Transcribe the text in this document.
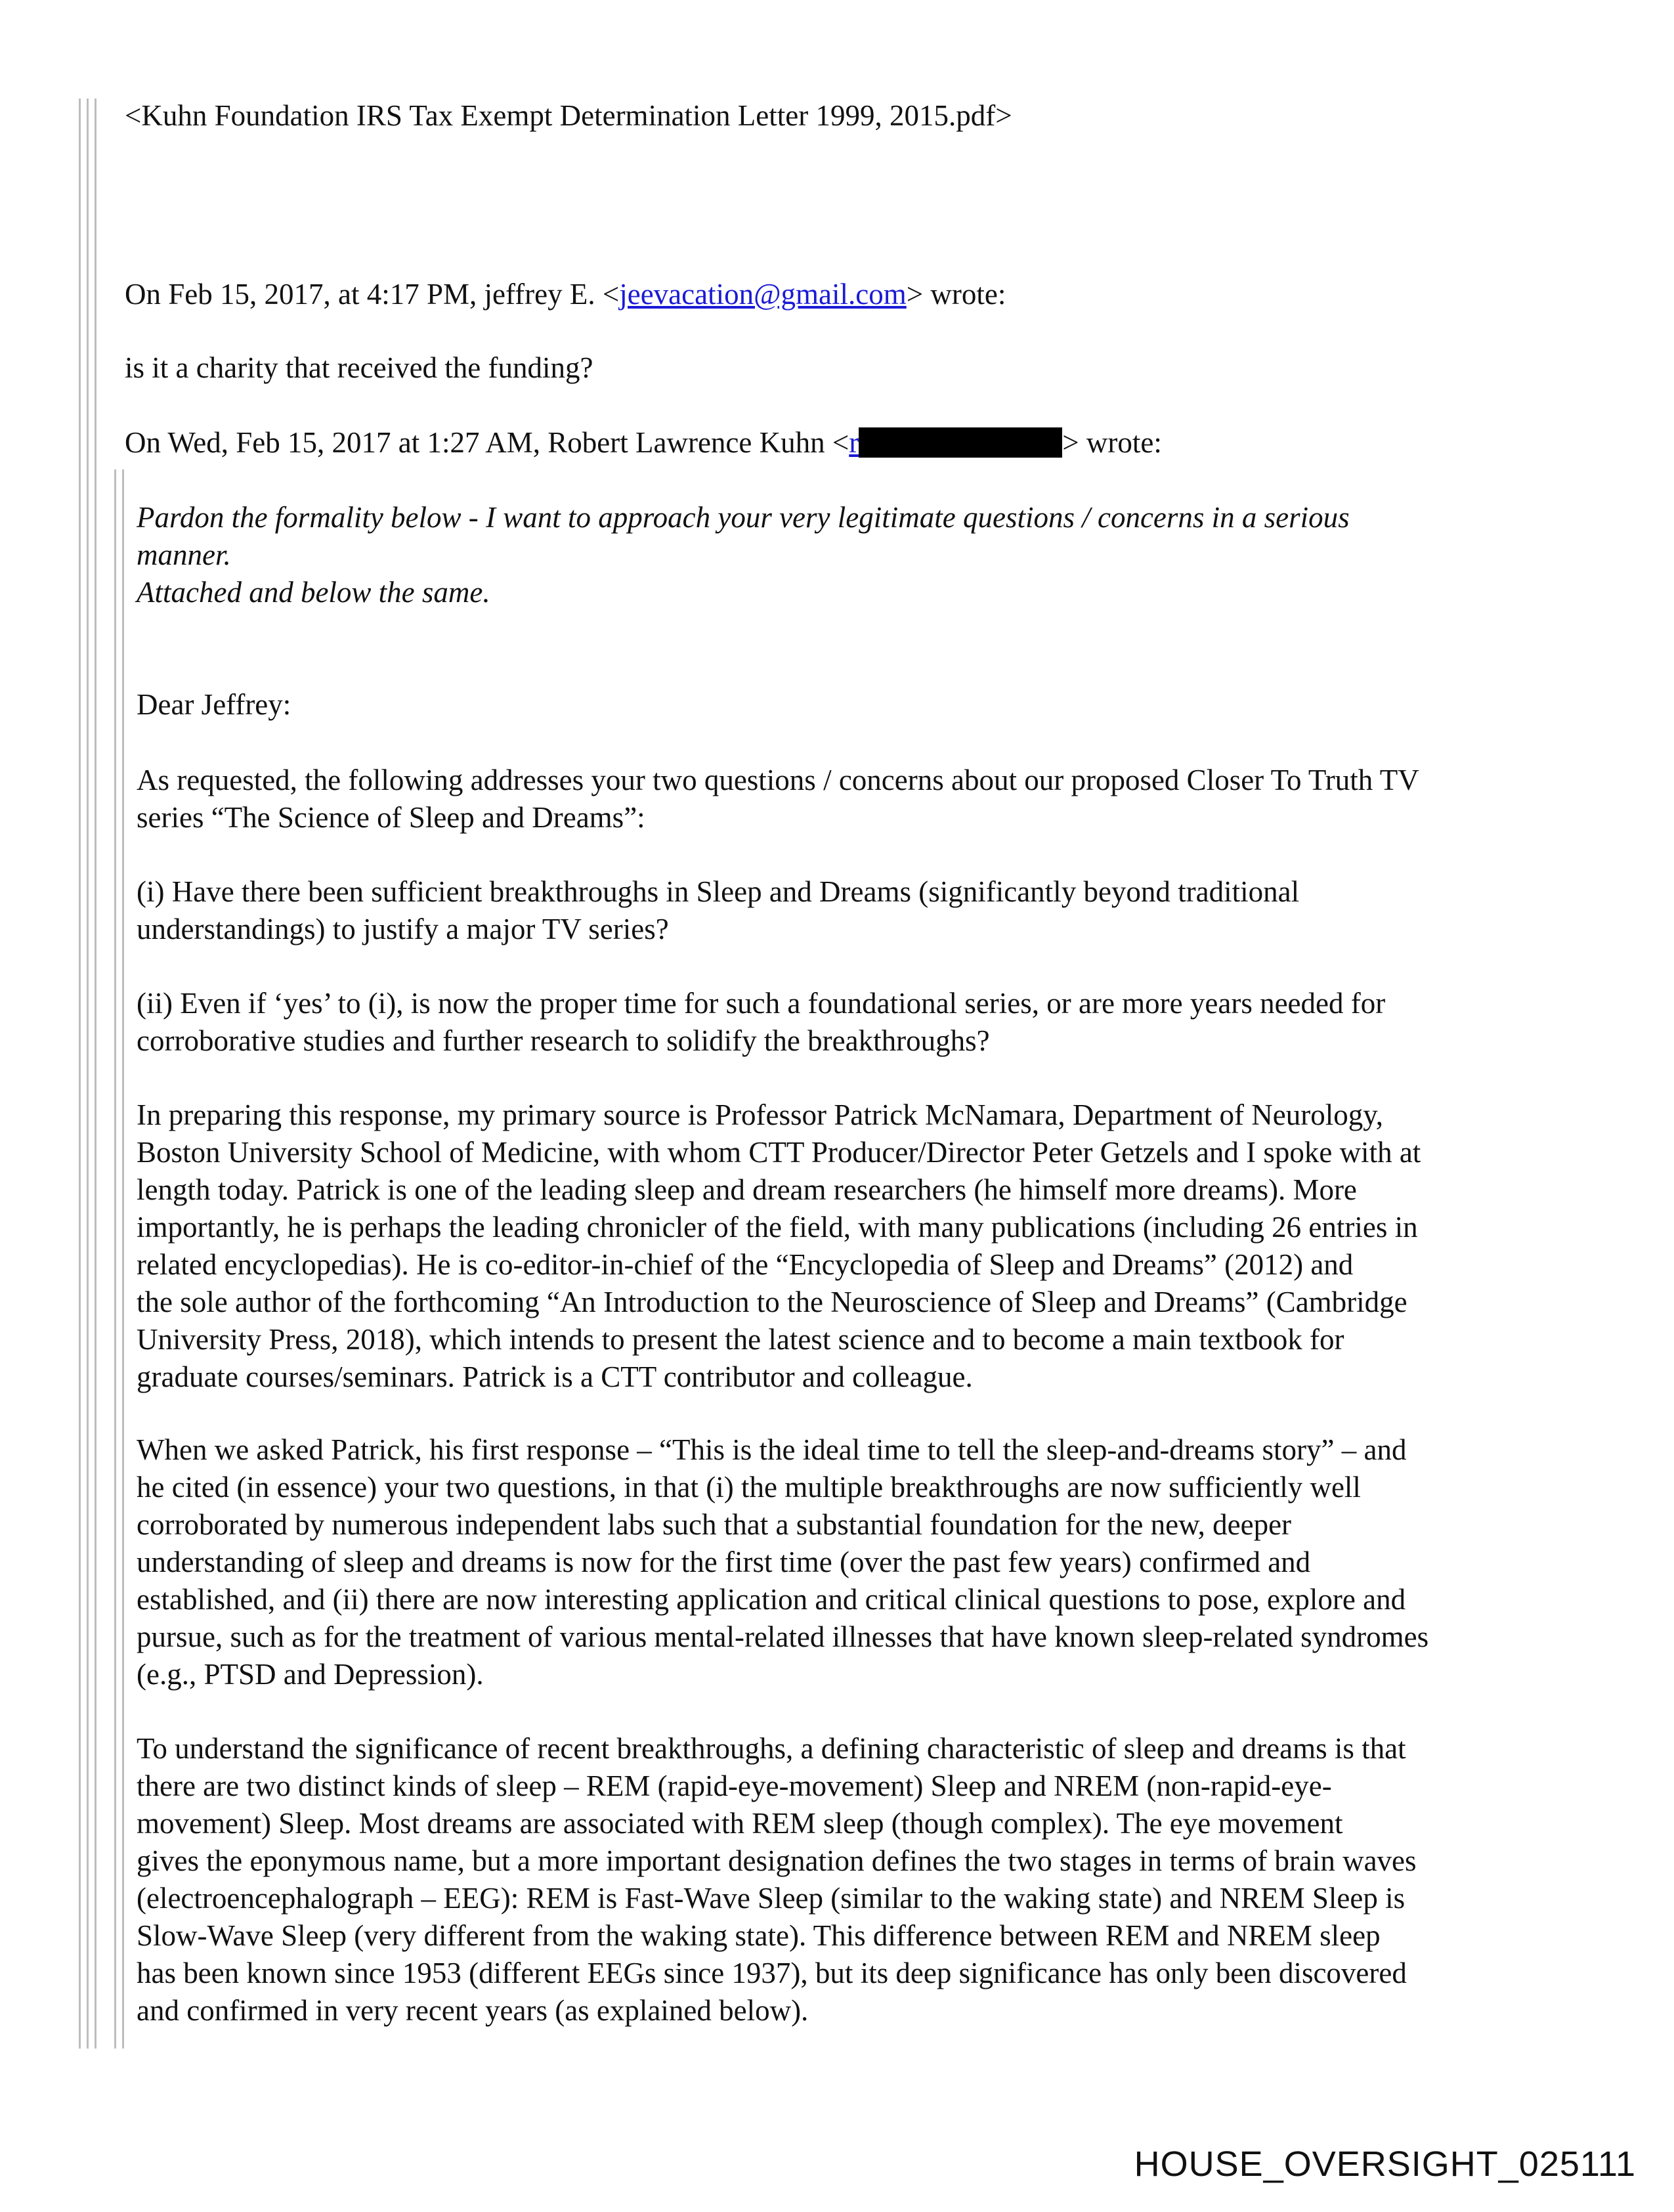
<Kuhn Foundation IRS Tax Exempt Determination Letter 1999, 2015.pdf>
On Feb 15, 2017, at 4:17 PM, jeffrey E. <jeevacation@gmail.com> wrote:
is it a charity that received the funding?
On Wed, Feb 15, 2017 at 1:27 AM, Robert Lawrence Kuhn <r	> wrote:
Pardon the formality below - I want to approach your very legitimate questions / concerns in a serious
manner.
Attached and below the same.
Dear Jeffrey:
As requested, the following addresses your two questions / concerns about our proposed Closer To Truth TV
series “The Science of Sleep and Dreams”:
(i) Have there been sufficient breakthroughs in Sleep and Dreams (significantly beyond traditional
understandings) to justify a major TV series?
(ii) Even if ‘yes’ to (i), is now the proper time for such a foundational series, or are more years needed for
corroborative studies and further research to solidify the breakthroughs?
In preparing this response, my primary source is Professor Patrick McNamara, Department of Neurology,
Boston University School of Medicine, with whom CTT Producer/Director Peter Getzels and I spoke with at
length today. Patrick is one of the leading sleep and dream researchers (he himself more dreams). More
importantly, he is perhaps the leading chronicler of the field, with many publications (including 26 entries in
related encyclopedias). He is co-editor-in-chief of the “Encyclopedia of Sleep and Dreams” (2012) and
the sole author of the forthcoming “An Introduction to the Neuroscience of Sleep and Dreams” (Cambridge
University Press, 2018), which intends to present the latest science and to become a main textbook for
graduate courses/seminars. Patrick is a CTT contributor and colleague.
When we asked Patrick, his first response – “This is the ideal time to tell the sleep-and-dreams story” – and
he cited (in essence) your two questions, in that (i) the multiple breakthroughs are now sufficiently well
corroborated by numerous independent labs such that a substantial foundation for the new, deeper
understanding of sleep and dreams is now for the first time (over the past few years) confirmed and
established, and (ii) there are now interesting application and critical clinical questions to pose, explore and
pursue, such as for the treatment of various mental-related illnesses that have known sleep-related syndromes
(e.g., PTSD and Depression).
To understand the significance of recent breakthroughs, a defining characteristic of sleep and dreams is that
there are two distinct kinds of sleep – REM (rapid-eye-movement) Sleep and NREM (non-rapid-eye-
movement) Sleep. Most dreams are associated with REM sleep (though complex). The eye movement
gives the eponymous name, but a more important designation defines the two stages in terms of brain waves
(electroencephalograph – EEG): REM is Fast-Wave Sleep (similar to the waking state) and NREM Sleep is
Slow-Wave Sleep (very different from the waking state). This difference between REM and NREM sleep
has been known since 1953 (different EEGs since 1937), but its deep significance has only been discovered
and confirmed in very recent years (as explained below).
HOUSE_OVERSIGHT_025111
